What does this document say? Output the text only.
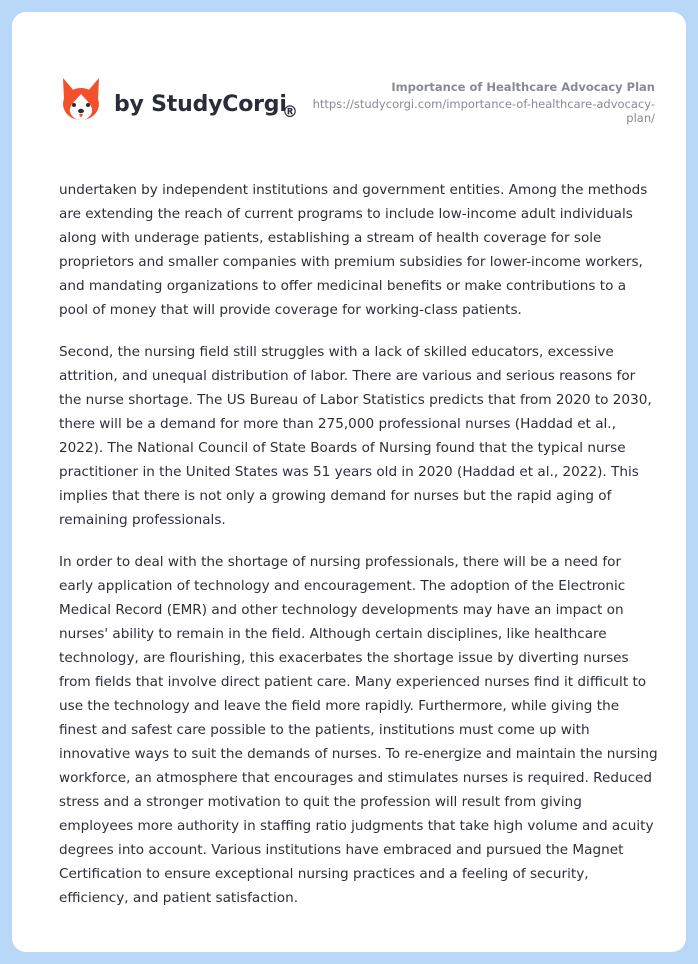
by StudyCorgi
®
Importance of Healthcare Advocacy Plan
https://studycorgi.com/importance-of-healthcare-advocacy-
plan/

undertaken by independent institutions and government entities. Among the methods are extending the reach of current programs to include low-income adult individuals along with underage patients, establishing a stream of health coverage for sole proprietors and smaller companies with premium subsidies for lower-income workers, and mandating organizations to offer medicinal benefits or make contributions to a pool of money that will provide coverage for working-class patients.

Second, the nursing field still struggles with a lack of skilled educators, excessive attrition, and unequal distribution of labor. There are various and serious reasons for the nurse shortage. The US Bureau of Labor Statistics predicts that from 2020 to 2030, there will be a demand for more than 275,000 professional nurses (Haddad et al., 2022). The National Council of State Boards of Nursing found that the typical nurse practitioner in the United States was 51 years old in 2020 (Haddad et al., 2022). This implies that there is not only a growing demand for nurses but the rapid aging of remaining professionals.

In order to deal with the shortage of nursing professionals, there will be a need for early application of technology and encouragement. The adoption of the Electronic Medical Record (EMR) and other technology developments may have an impact on nurses' ability to remain in the field. Although certain disciplines, like healthcare technology, are flourishing, this exacerbates the shortage issue by diverting nurses from fields that involve direct patient care. Many experienced nurses find it difficult to use the technology and leave the field more rapidly. Furthermore, while giving the finest and safest care possible to the patients, institutions must come up with innovative ways to suit the demands of nurses. To re-energize and maintain the nursing workforce, an atmosphere that encourages and stimulates nurses is required. Reduced stress and a stronger motivation to quit the profession will result from giving employees more authority in staffing ratio judgments that take high volume and acuity degrees into account. Various institutions have embraced and pursued the Magnet Certification to ensure exceptional nursing practices and a feeling of security, efficiency, and patient satisfaction.
